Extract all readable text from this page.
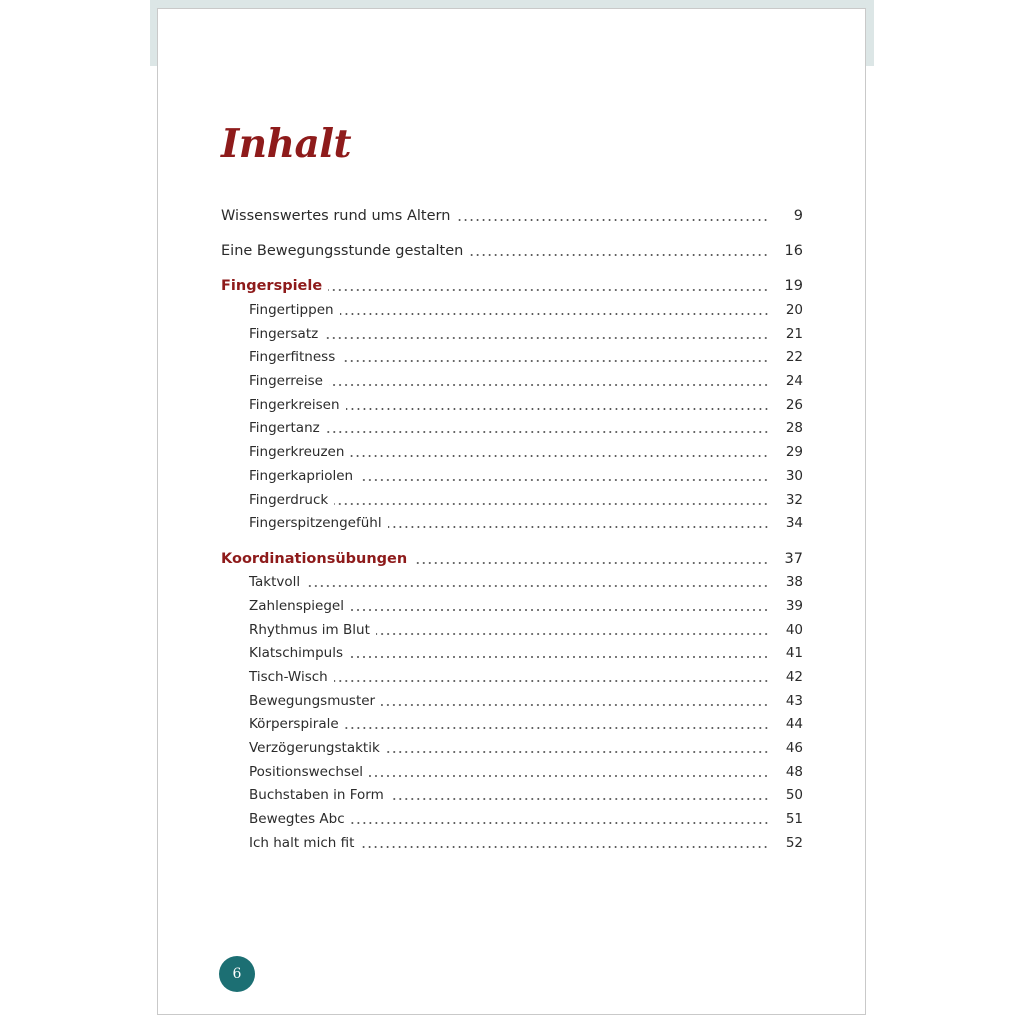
Inhalt
Wissenswertes rund ums Altern	9
Eine Bewegungsstunde gestalten	16
Fingerspiele	19
Fingertippen	20
Fingersatz	21
Fingerfitness	22
Fingerreise	24
Fingerkreisen	26
Fingertanz	28
Fingerkreuzen	29
Fingerkapriolen	30
Fingerdruck	32
Fingerspitzengefühl	34
Koordinationsübungen	37
Taktvoll	38
Zahlenspiegel	39
Rhythmus im Blut	40
Klatschimpuls	41
Tisch-Wisch	42
Bewegungsmuster	43
Körperspirale	44
Verzögerungstaktik	46
Positionswechsel	48
Buchstaben in Form	50
Bewegtes Abc	51
Ich halt mich fit	52
6
